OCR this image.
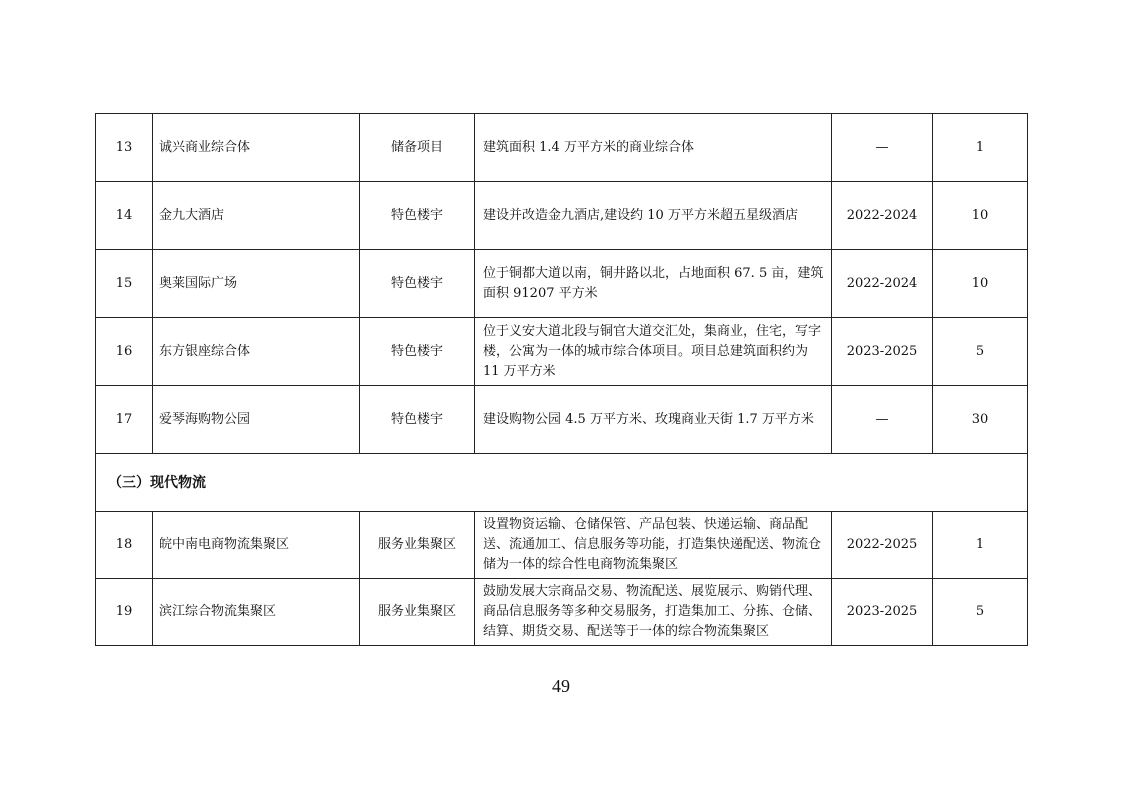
13	诚兴商业综合体	储备项目	建筑面积 1.4 万平方米的商业综合体	—	1
14	金九大酒店	特色楼宇	建设并改造金九酒店,建设约 10 万平方米超五星级酒店	2022-2024	10
15	奥莱国际广场	特色楼宇	位于铜都大道以南，铜井路以北，占地面积 67. 5 亩，建筑面积 91207 平方米	2022-2024	10
16	东方银座综合体	特色楼宇	位于义安大道北段与铜官大道交汇处，集商业，住宅，写字楼，公寓为一体的城市综合体项目。项目总建筑面积约为 11 万平方米	2023-2025	5
17	爱琴海购物公园	特色楼宇	建设购物公园 4.5 万平方米、玫瑰商业天街 1.7 万平方米	—	30
（三）现代物流					
18	皖中南电商物流集聚区	服务业集聚区	设置物资运输、仓储保管、产品包装、快递运输、商品配送、流通加工、信息服务等功能，打造集快递配送、物流仓储为一体的综合性电商物流集聚区	2022-2025	1
19	滨江综合物流集聚区	服务业集聚区	鼓励发展大宗商品交易、物流配送、展览展示、购销代理、商品信息服务等多种交易服务，打造集加工、分拣、仓储、结算、期货交易、配送等于一体的综合物流集聚区	2023-2025	5
49
